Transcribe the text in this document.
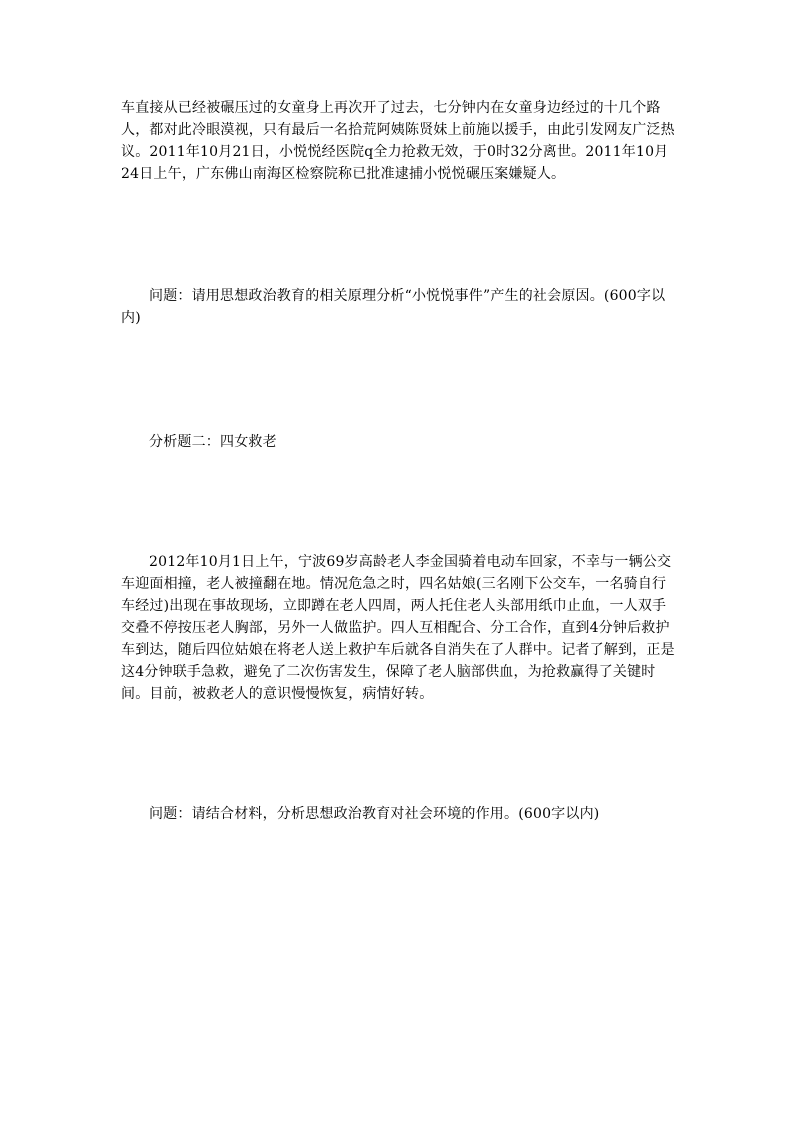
车直接从已经被碾压过的女童身上再次开了过去，七分钟内在女童身边经过的十几个路人，都对此冷眼漠视，只有最后一名拾荒阿姨陈贤妹上前施以援手，由此引发网友广泛热议。2011年10月21日，小悦悦经医院q全力抢救无效，于0时32分离世。2011年10月24日上午，广东佛山南海区检察院称已批准逮捕小悦悦碾压案嫌疑人。

问题：请用思想政治教育的相关原理分析“小悦悦事件”产生的社会原因。(600字以内)

分析题二：四女救老

2012年10月1日上午，宁波69岁高龄老人李金国骑着电动车回家，不幸与一辆公交车迎面相撞，老人被撞翻在地。情况危急之时，四名姑娘(三名刚下公交车，一名骑自行车经过)出现在事故现场，立即蹲在老人四周，两人托住老人头部用纸巾止血，一人双手交叠不停按压老人胸部，另外一人做监护。四人互相配合、分工合作，直到4分钟后救护车到达，随后四位姑娘在将老人送上救护车后就各自消失在了人群中。记者了解到，正是这4分钟联手急救，避免了二次伤害发生，保障了老人脑部供血，为抢救赢得了关键时间。目前，被救老人的意识慢慢恢复，病情好转。

问题：请结合材料，分析思想政治教育对社会环境的作用。(600字以内)
